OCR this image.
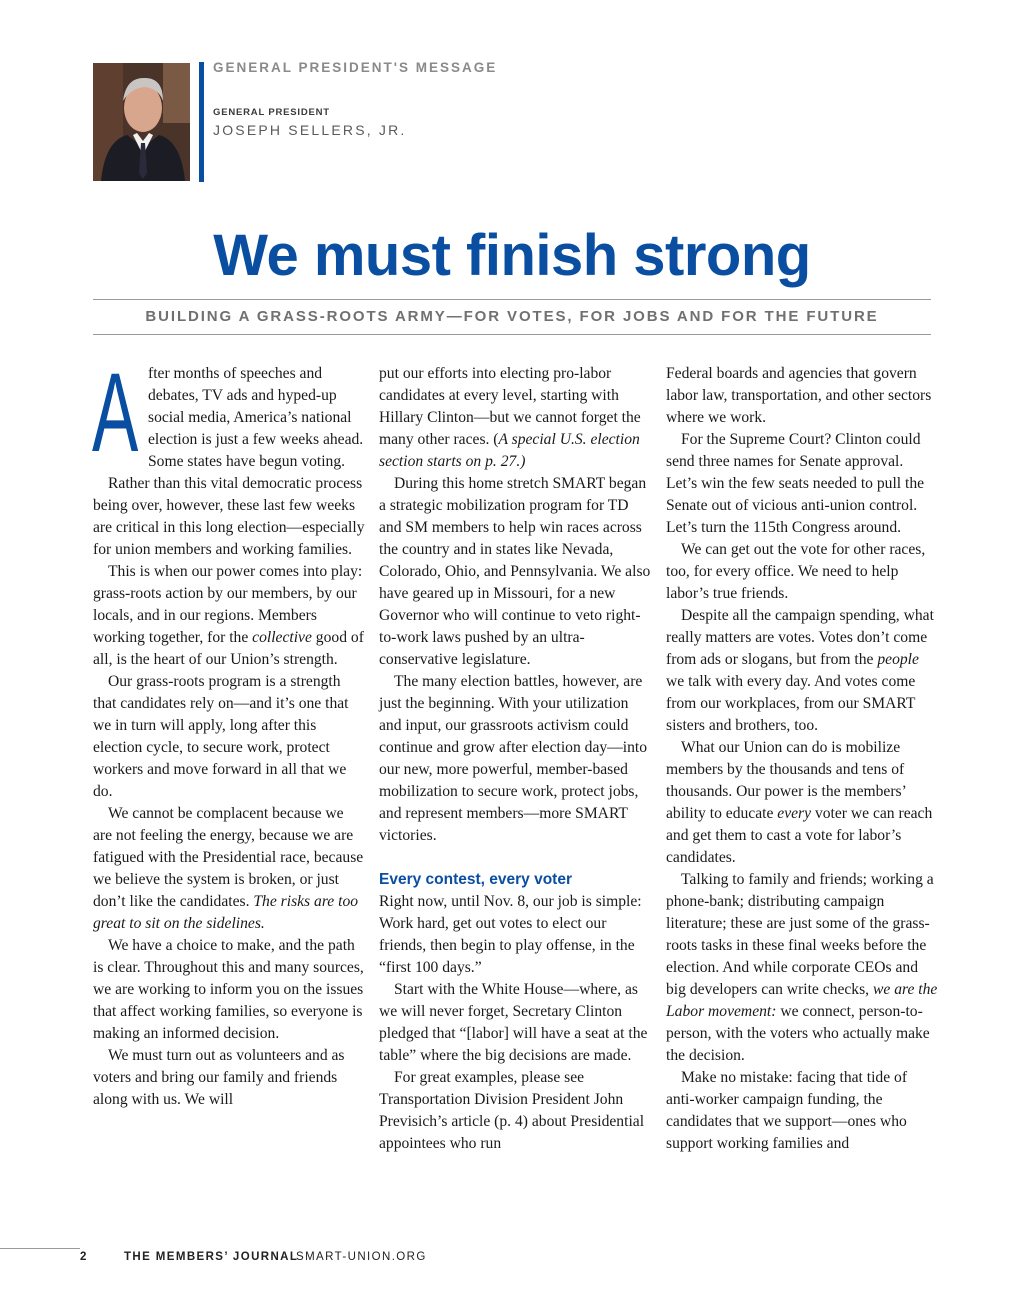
GENERAL PRESIDENT'S MESSAGE
GENERAL PRESIDENT
JOSEPH SELLERS, JR.
We must finish strong
BUILDING A GRASS-ROOTS ARMY—FOR VOTES, FOR JOBS AND FOR THE FUTURE

After months of speeches and debates, TV ads and hyped-up social media, America’s national election is just a few weeks ahead. Some states have begun voting.

Rather than this vital democratic process being over, however, these last few weeks are critical in this long election—especially for union members and working families.

This is when our power comes into play: grass-roots action by our members, by our locals, and in our regions. Members working together, for the collective good of all, is the heart of our Union’s strength.

Our grass-roots program is a strength that candidates rely on—and it’s one that we in turn will apply, long after this election cycle, to secure work, protect workers and move forward in all that we do.

We cannot be complacent because we are not feeling the energy, because we are fatigued with the Presidential race, because we believe the system is broken, or just don’t like the candidates. The risks are too great to sit on the sidelines.

We have a choice to make, and the path is clear. Throughout this and many sources, we are working to inform you on the issues that affect working families, so everyone is making an informed decision.

We must turn out as volunteers and as voters and bring our family and friends along with us. We will

put our efforts into electing pro-labor candidates at every level, starting with Hillary Clinton—but we cannot forget the many other races. (A special U.S. election section starts on p. 27.)

During this home stretch SMART began a strategic mobilization program for TD and SM members to help win races across the country and in states like Nevada, Colorado, Ohio, and Pennsylvania. We also have geared up in Missouri, for a new Governor who will continue to veto right-to-work laws pushed by an ultra-conservative legislature.

The many election battles, however, are just the beginning. With your utilization and input, our grassroots activism could continue and grow after election day—into our new, more powerful, member-based mobilization to secure work, protect jobs, and represent members—more SMART victories.

Every contest, every voter

Right now, until Nov. 8, our job is simple: Work hard, get out votes to elect our friends, then begin to play offense, in the “first 100 days.”

Start with the White House—where, as we will never forget, Secretary Clinton pledged that “[labor] will have a seat at the table” where the big decisions are made.

For great examples, please see Transportation Division President John Previsich’s article (p. 4) about Presidential appointees who run

Federal boards and agencies that govern labor law, transportation, and other sectors where we work.

For the Supreme Court? Clinton could send three names for Senate approval. Let’s win the few seats needed to pull the Senate out of vicious anti-union control. Let’s turn the 115th Congress around.

We can get out the vote for other races, too, for every office. We need to help labor’s true friends.

Despite all the campaign spending, what really matters are votes. Votes don’t come from ads or slogans, but from the people we talk with every day. And votes come from our workplaces, from our SMART sisters and brothers, too.

What our Union can do is mobilize members by the thousands and tens of thousands. Our power is the members’ ability to educate every voter we can reach and get them to cast a vote for labor’s candidates.

Talking to family and friends; working a phone-bank; distributing campaign literature; these are just some of the grass-roots tasks in these final weeks before the election. And while corporate CEOs and big developers can write checks, we are the Labor movement: we connect, person-to-person, with the voters who actually make the decision.

Make no mistake: facing that tide of anti-worker campaign funding, the candidates that we support—ones who support working families and

2	THE MEMBERS’ JOURNAL
SMART-UNION.ORG
